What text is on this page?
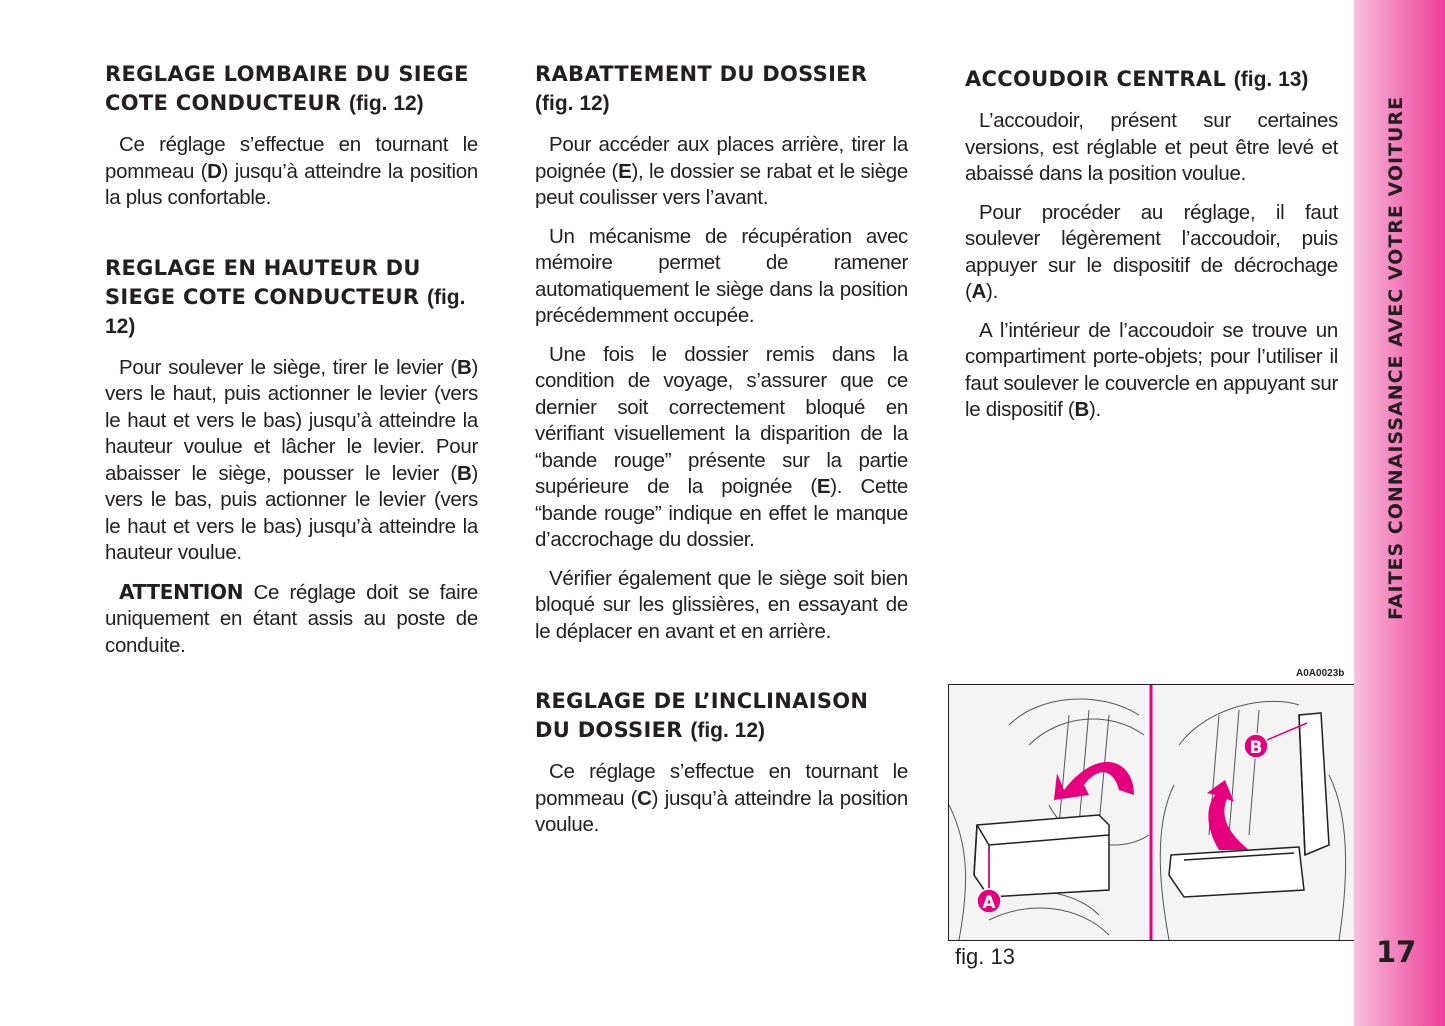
REGLAGE LOMBAIRE DU SIEGE COTE CONDUCTEUR (fig. 12)

Ce réglage s’effectue en tournant le pommeau (D) jusqu’à atteindre la position la plus confortable.

REGLAGE EN HAUTEUR DU SIEGE COTE CONDUCTEUR (fig. 12)

Pour soulever le siège, tirer le levier (B) vers le haut, puis actionner le levier (vers le haut et vers le bas) jusqu’à atteindre la hauteur voulue et lâcher le levier. Pour abaisser le siège, pousser le levier (B) vers le bas, puis actionner le levier (vers le haut et vers le bas) jusqu’à atteindre la hauteur voulue.

ATTENTION Ce réglage doit se faire uniquement en étant assis au poste de conduite.

RABATTEMENT DU DOSSIER
(fig. 12)

Pour accéder aux places arrière, tirer la poignée (E), le dossier se rabat et le siège peut coulisser vers l’avant.

Un mécanisme de récupération avec mémoire permet de ramener automatiquement le siège dans la position précédemment occupée.

Une fois le dossier remis dans la condition de voyage, s’assurer que ce dernier soit correctement bloqué en vérifiant visuellement la disparition de la “bande rouge” présente sur la partie supérieure de la poignée (E). Cette “bande rouge” indique en effet le manque d’accrochage du dossier.

Vérifier également que le siège soit bien bloqué sur les glissières, en essayant de le déplacer en avant et en arrière.

REGLAGE DE L’INCLINAISON DU DOSSIER (fig. 12)

Ce réglage s’effectue en tournant le pommeau (C) jusqu’à atteindre la position voulue.

ACCOUDOIR CENTRAL (fig. 13)

L’accoudoir, présent sur certaines versions, est réglable et peut être levé et abaissé dans la position voulue.

Pour procéder au réglage, il faut soulever légèrement l’accoudoir, puis appuyer sur le dispositif de décrochage (A).

A l’intérieur de l’accoudoir se trouve un compartiment porte-objets; pour l’utiliser il faut soulever le couvercle en appuyant sur le dispositif (B).

A0A0023b
A
B
fig. 13
FAITES CONNAISSANCE AVEC VOTRE VOITURE
17
